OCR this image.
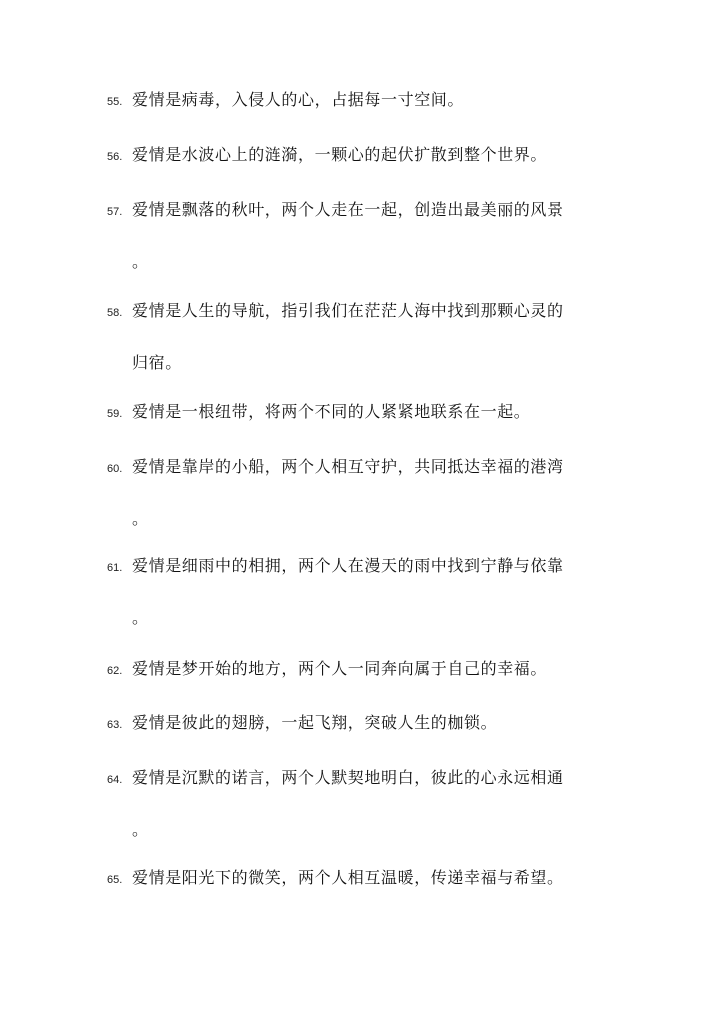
55. 爱情是病毒，入侵人的心，占据每一寸空间。
56. 爱情是水波心上的涟漪，一颗心的起伏扩散到整个世界。
57. 爱情是飘落的秋叶，两个人走在一起，创造出最美丽的风景
。
58. 爱情是人生的导航，指引我们在茫茫人海中找到那颗心灵的
归宿。
59. 爱情是一根纽带，将两个不同的人紧紧地联系在一起。
60. 爱情是靠岸的小船，两个人相互守护，共同抵达幸福的港湾
。
61. 爱情是细雨中的相拥，两个人在漫天的雨中找到宁静与依靠
。
62. 爱情是梦开始的地方，两个人一同奔向属于自己的幸福。
63. 爱情是彼此的翅膀，一起飞翔，突破人生的枷锁。
64. 爱情是沉默的诺言，两个人默契地明白，彼此的心永远相通
。
65. 爱情是阳光下的微笑，两个人相互温暖，传递幸福与希望。
